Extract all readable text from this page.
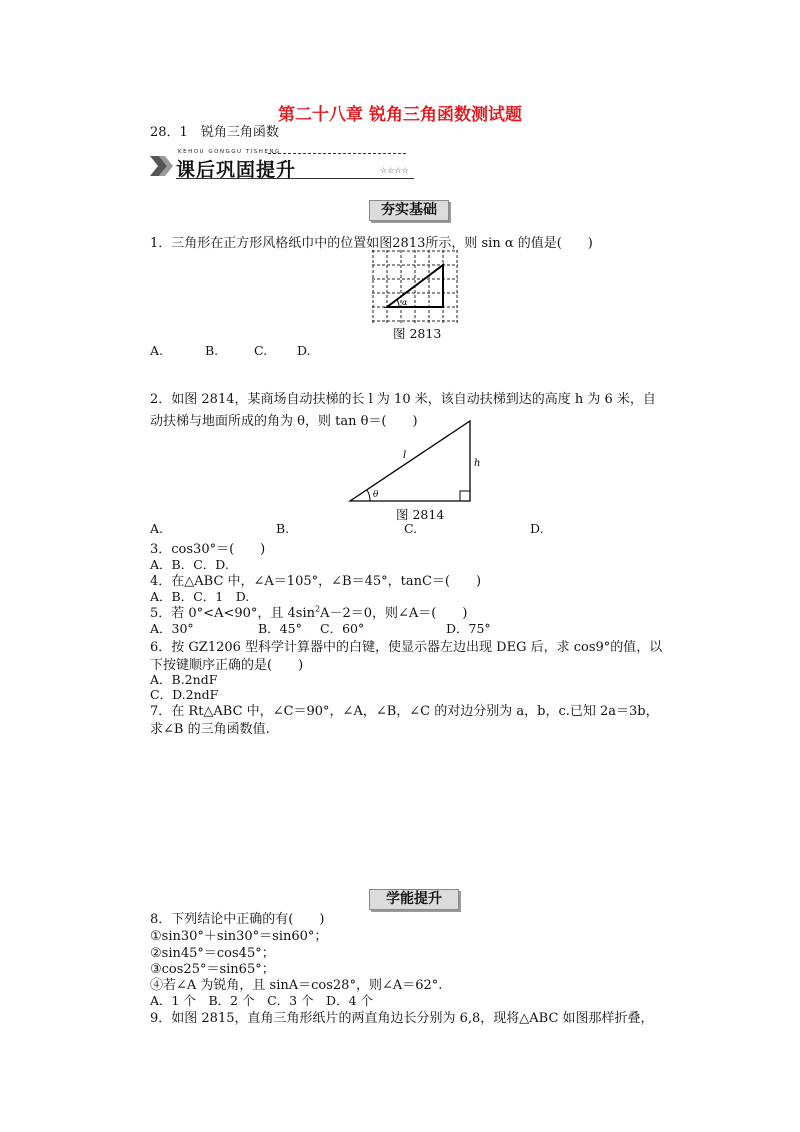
第二十八章 锐角三角函数测试题
28．1　锐角三角函数
KEHOU GONGGU TISHENG
课后巩固提升	☆☆☆☆
夯实基础
1．三角形在正方形风格纸巾中的位置如图2813所示，则 sin α 的值是(　　)
α
图 2813
A.	B.	C. D.
2．如图 2814，某商场自动扶梯的长 l 为 10 米，该自动扶梯到达的高度 h 为 6 米，自
动扶梯与地面所成的角为 θ，则 tan θ＝(　　)
θ
l
h
图 2814
A.	B.	C.	D.
3．cos30°＝(　　)
A．B．C．D.
4．在△ABC 中，∠A＝105°，∠B＝45°，tanC＝(　　)
A．B．C．1　D.
5．若 0°<A<90°，且 $4\sin^2A-2=0$，则∠A＝(　　)
A．30°	B．45° C．60°	D．75°
6．按 GZ1206 型科学计算器中的白键，使显示器左边出现 DEG 后，求 cos9°的值，以
下按键顺序正确的是(　　)
A．B.2ndF
C．D.2ndF
7．在 Rt△ABC 中，∠C＝90°，∠A，∠B，∠C 的对边分别为 a，b，c.已知 2a＝3b，
求∠B 的三角函数值.
学能提升
8．下列结论中正确的有(　　)
①sin30°＋sin30°＝sin60°；
②sin45°＝cos45°；
③cos25°＝sin65°；
④若∠A 为锐角，且 sinA＝cos28°，则∠A＝62°.
A．1 个　B．2 个　C．3 个　D．4 个
9．如图 2815，直角三角形纸片的两直角边长分别为 6,8，现将△ABC 如图那样折叠，
